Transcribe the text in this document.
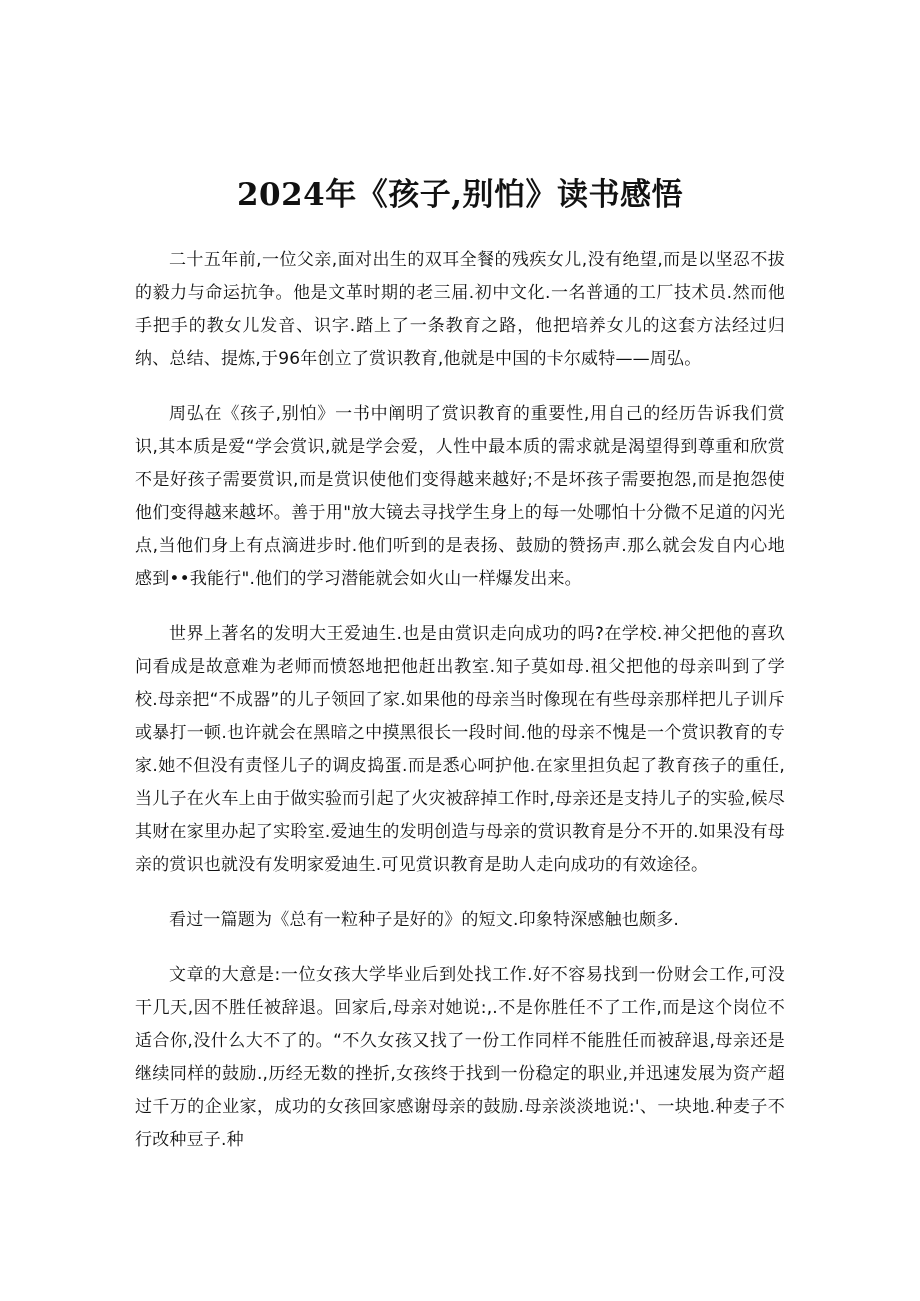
2024年《孩子,别怕》读书感悟

二十五年前,一位父亲,面对出生的双耳全餐的残疾女儿,没有绝望,而是以坚忍不拔的毅力与命运抗争。他是文革时期的老三届.初中文化.一名普通的工厂技术员.然而他手把手的教女儿发音、识字.踏上了一条教育之路，他把培养女儿的这套方法经过归纳、总结、提炼,于96年创立了赏识教育,他就是中国的卡尔威特——周弘。

周弘在《孩子,别怕》一书中阐明了赏识教育的重要性,用自己的经历告诉我们赏识,其本质是爱“学会赏识,就是学会爱，人性中最本质的需求就是渴望得到尊重和欣赏不是好孩子需要赏识,而是赏识使他们变得越来越好;不是坏孩子需要抱怨,而是抱怨使他们变得越来越坏。善于用"放大镜去寻找学生身上的每一处哪怕十分微不足道的闪光点,当他们身上有点滴进步时.他们听到的是表扬、鼓励的赞扬声.那么就会发自内心地感到••我能行".他们的学习潜能就会如火山一样爆发出来。

世界上著名的发明大王爱迪生.也是由赏识走向成功的吗?在学校.神父把他的喜玖问看成是故意难为老师而愤怒地把他赶出教室.知子莫如母.祖父把他的母亲叫到了学校.母亲把“不成器”的儿子领回了家.如果他的母亲当时像现在有些母亲那样把儿子训斥或暴打一顿.也许就会在黑暗之中摸黑很长一段时间.他的母亲不愧是一个赏识教育的专家.她不但没有责怪儿子的调皮捣蛋.而是悉心呵护他.在家里担负起了教育孩子的重任,当儿子在火车上由于做实验而引起了火灾被辞掉工作时,母亲还是支持儿子的实验,候尽其财在家里办起了实聆室.爱迪生的发明创造与母亲的赏识教育是分不开的.如果没有母亲的赏识也就没有发明家爱迪生.可见赏识教育是助人走向成功的有效途径。

看过一篇题为《总有一粒种子是好的》的短文.印象特深感触也颇多.

文章的大意是:一位女孩大学毕业后到处找工作.好不容易找到一份财会工作,可没干几天,因不胜任被辞退。回家后,母亲对她说:,.不是你胜任不了工作,而是这个岗位不适合你,没什么大不了的。“不久女孩又找了一份工作同样不能胜任而被辞退,母亲还是继续同样的鼓励.,历经无数的挫折,女孩终于找到一份稳定的职业,并迅速发展为资产超过千万的企业家，成功的女孩回家感谢母亲的鼓励.母亲淡淡地说:'、一块地.种麦子不行改种豆子.种
